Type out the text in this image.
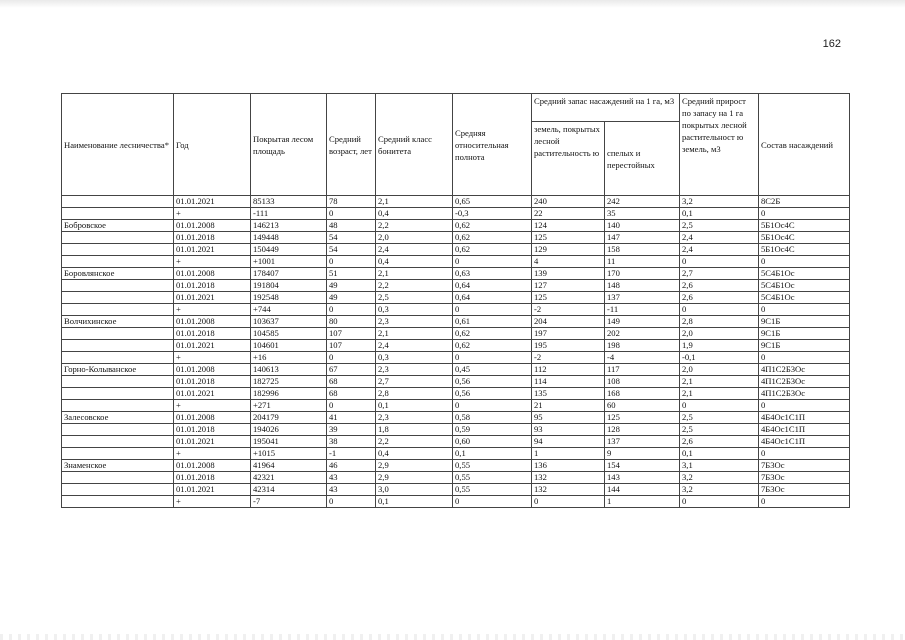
162
Наименование лесничества*	Год	Покрытая лесом площадь	Средний возраст, лет	Средний класс бонитета	Средняя относительная полнота	Средний запас насаждений на 1 га, м3		Средний прирост по запасу на 1 га покрытых лесной растительност ю земель, м3	Состав насаждений
						земель, покрытых лесной растительность ю	спелых и перестойных		
	01.01.2021	85133	78	2,1	0,65	240	242	3,2	8С2Б
	+	-111	0	0,4	-0,3	22	35	0,1	0
Бобровское	01.01.2008	146213	48	2,2	0,62	124	140	2,5	5Б1Ос4С
	01.01.2018	149448	54	2,0	0,62	125	147	2,4	5Б1Ос4С
	01.01.2021	150449	54	2,4	0,62	129	158	2,4	5Б1Ос4С
	+	+1001	0	0,4	0	4	11	0	0
Боровлянское	01.01.2008	178407	51	2,1	0,63	139	170	2,7	5С4Б1Ос
	01.01.2018	191804	49	2,2	0,64	127	148	2,6	5С4Б1Ос
	01.01.2021	192548	49	2,5	0,64	125	137	2,6	5С4Б1Ос
	+	+744	0	0,3	0	-2	-11	0	0
Волчихинское	01.01.2008	103637	80	2,3	0,61	204	149	2,8	9С1Б
	01.01.2018	104585	107	2,1	0,62	197	202	2,0	9С1Б
	01.01.2021	104601	107	2,4	0,62	195	198	1,9	9С1Б
	+	+16	0	0,3	0	-2	-4	-0,1	0
Горно-Колыванское	01.01.2008	140613	67	2,3	0,45	112	117	2,0	4П1С2Б3Ос
	01.01.2018	182725	68	2,7	0,56	114	108	2,1	4П1С2Б3Ос
	01.01.2021	182996	68	2,8	0,56	135	168	2,1	4П1С2Б3Ос
	+	+271	0	0,1	0	21	60	0	0
Залесовское	01.01.2008	204179	41	2,3	0,58	95	125	2,5	4Б4Ос1С1П
	01.01.2018	194026	39	1,8	0,59	93	128	2,5	4Б4Ос1С1П
	01.01.2021	195041	38	2,2	0,60	94	137	2,6	4Б4Ос1С1П
	+	+1015	-1	0,4	0,1	1	9	0,1	0
Знаменское	01.01.2008	41964	46	2,9	0,55	136	154	3,1	7Б3Ос
	01.01.2018	42321	43	2,9	0,55	132	143	3,2	7Б3Ос
	01.01.2021	42314	43	3,0	0,55	132	144	3,2	7Б3Ос
	+	-7	0	0,1	0	0	1	0	0
